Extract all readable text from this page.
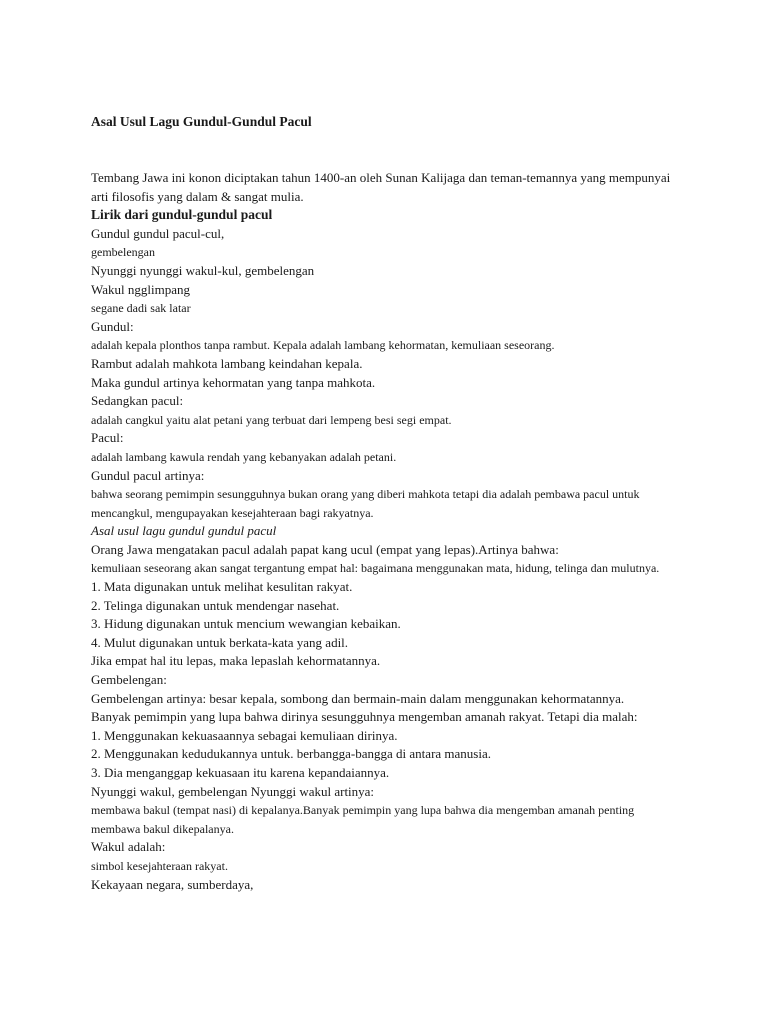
Asal Usul Lagu Gundul-Gundul Pacul

Tembang Jawa ini konon diciptakan tahun 1400-an oleh Sunan Kalijaga dan teman-temannya yang mempunyai arti filosofis yang dalam & sangat mulia.

Lirik dari gundul-gundul pacul

Gundul gundul pacul-cul,

gembelengan

Nyunggi nyunggi wakul-kul, gembelengan

Wakul ngglimpang

segane dadi sak latar

Gundul:

adalah kepala plonthos tanpa rambut. Kepala adalah lambang kehormatan, kemuliaan seseorang.

Rambut adalah mahkota lambang keindahan kepala.

Maka gundul artinya kehormatan yang tanpa mahkota.

Sedangkan pacul:

adalah cangkul yaitu alat petani yang terbuat dari lempeng besi segi empat.

Pacul:

adalah lambang kawula rendah yang kebanyakan adalah petani.

Gundul pacul artinya:

bahwa seorang pemimpin sesungguhnya bukan orang yang diberi mahkota tetapi dia adalah pembawa pacul untuk mencangkul, mengupayakan kesejahteraan bagi rakyatnya.

Asal usul lagu gundul gundul pacul

Orang Jawa mengatakan pacul adalah papat kang ucul (empat yang lepas).Artinya bahwa:

kemuliaan seseorang akan sangat tergantung empat hal: bagaimana menggunakan mata, hidung, telinga dan mulutnya.

1. Mata digunakan untuk melihat kesulitan rakyat.

2. Telinga digunakan untuk mendengar nasehat.

3. Hidung digunakan untuk mencium wewangian kebaikan.

4. Mulut digunakan untuk berkata-kata yang adil.

Jika empat hal itu lepas, maka lepaslah kehormatannya.

Gembelengan:

Gembelengan artinya: besar kepala, sombong dan bermain-main dalam menggunakan kehormatannya.

Banyak pemimpin yang lupa bahwa dirinya sesungguhnya mengemban amanah rakyat. Tetapi dia malah:

1. Menggunakan kekuasaannya sebagai kemuliaan dirinya.

2. Menggunakan kedudukannya untuk. berbangga-bangga di antara manusia.

3. Dia menganggap kekuasaan itu karena kepandaiannya.

Nyunggi wakul, gembelengan Nyunggi wakul artinya:

membawa bakul (tempat nasi) di kepalanya.Banyak pemimpin yang lupa bahwa dia mengemban amanah penting membawa bakul dikepalanya.

Wakul adalah:

simbol kesejahteraan rakyat.

Kekayaan negara, sumberdaya,
